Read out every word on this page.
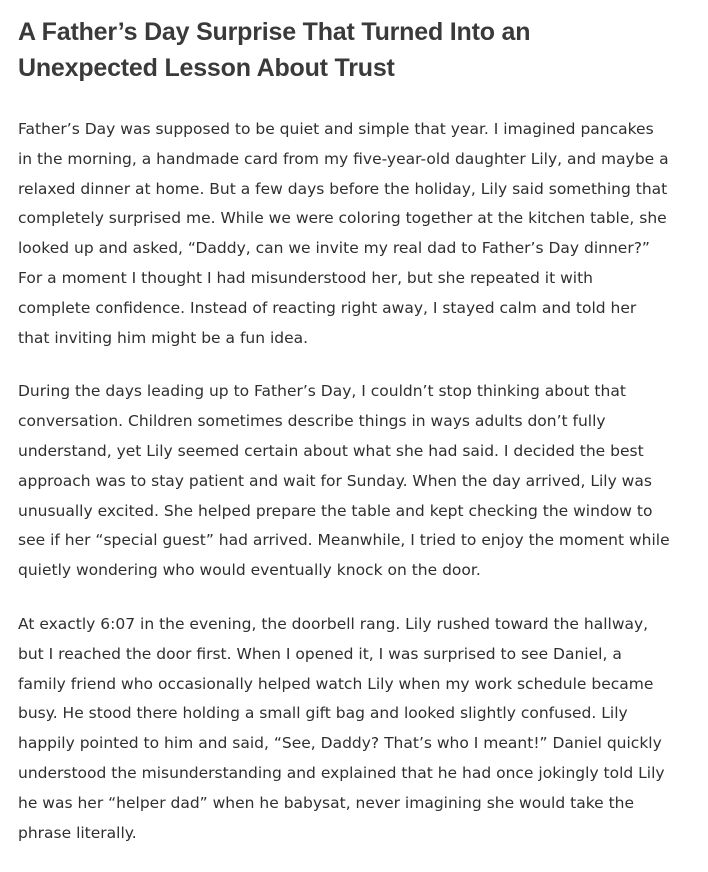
A Father’s Day Surprise That Turned Into an Unexpected Lesson About Trust

Father’s Day was supposed to be quiet and simple that year. I imagined pancakes in the morning, a handmade card from my five-year-old daughter Lily, and maybe a relaxed dinner at home. But a few days before the holiday, Lily said something that completely surprised me. While we were coloring together at the kitchen table, she looked up and asked, “Daddy, can we invite my real dad to Father’s Day dinner?” For a moment I thought I had misunderstood her, but she repeated it with complete confidence. Instead of reacting right away, I stayed calm and told her that inviting him might be a fun idea.

During the days leading up to Father’s Day, I couldn’t stop thinking about that conversation. Children sometimes describe things in ways adults don’t fully understand, yet Lily seemed certain about what she had said. I decided the best approach was to stay patient and wait for Sunday. When the day arrived, Lily was unusually excited. She helped prepare the table and kept checking the window to see if her “special guest” had arrived. Meanwhile, I tried to enjoy the moment while quietly wondering who would eventually knock on the door.

At exactly 6:07 in the evening, the doorbell rang. Lily rushed toward the hallway, but I reached the door first. When I opened it, I was surprised to see Daniel, a family friend who occasionally helped watch Lily when my work schedule became busy. He stood there holding a small gift bag and looked slightly confused. Lily happily pointed to him and said, “See, Daddy? That’s who I meant!” Daniel quickly understood the misunderstanding and explained that he had once jokingly told Lily he was her “helper dad” when he babysat, never imagining she would take the phrase literally.
